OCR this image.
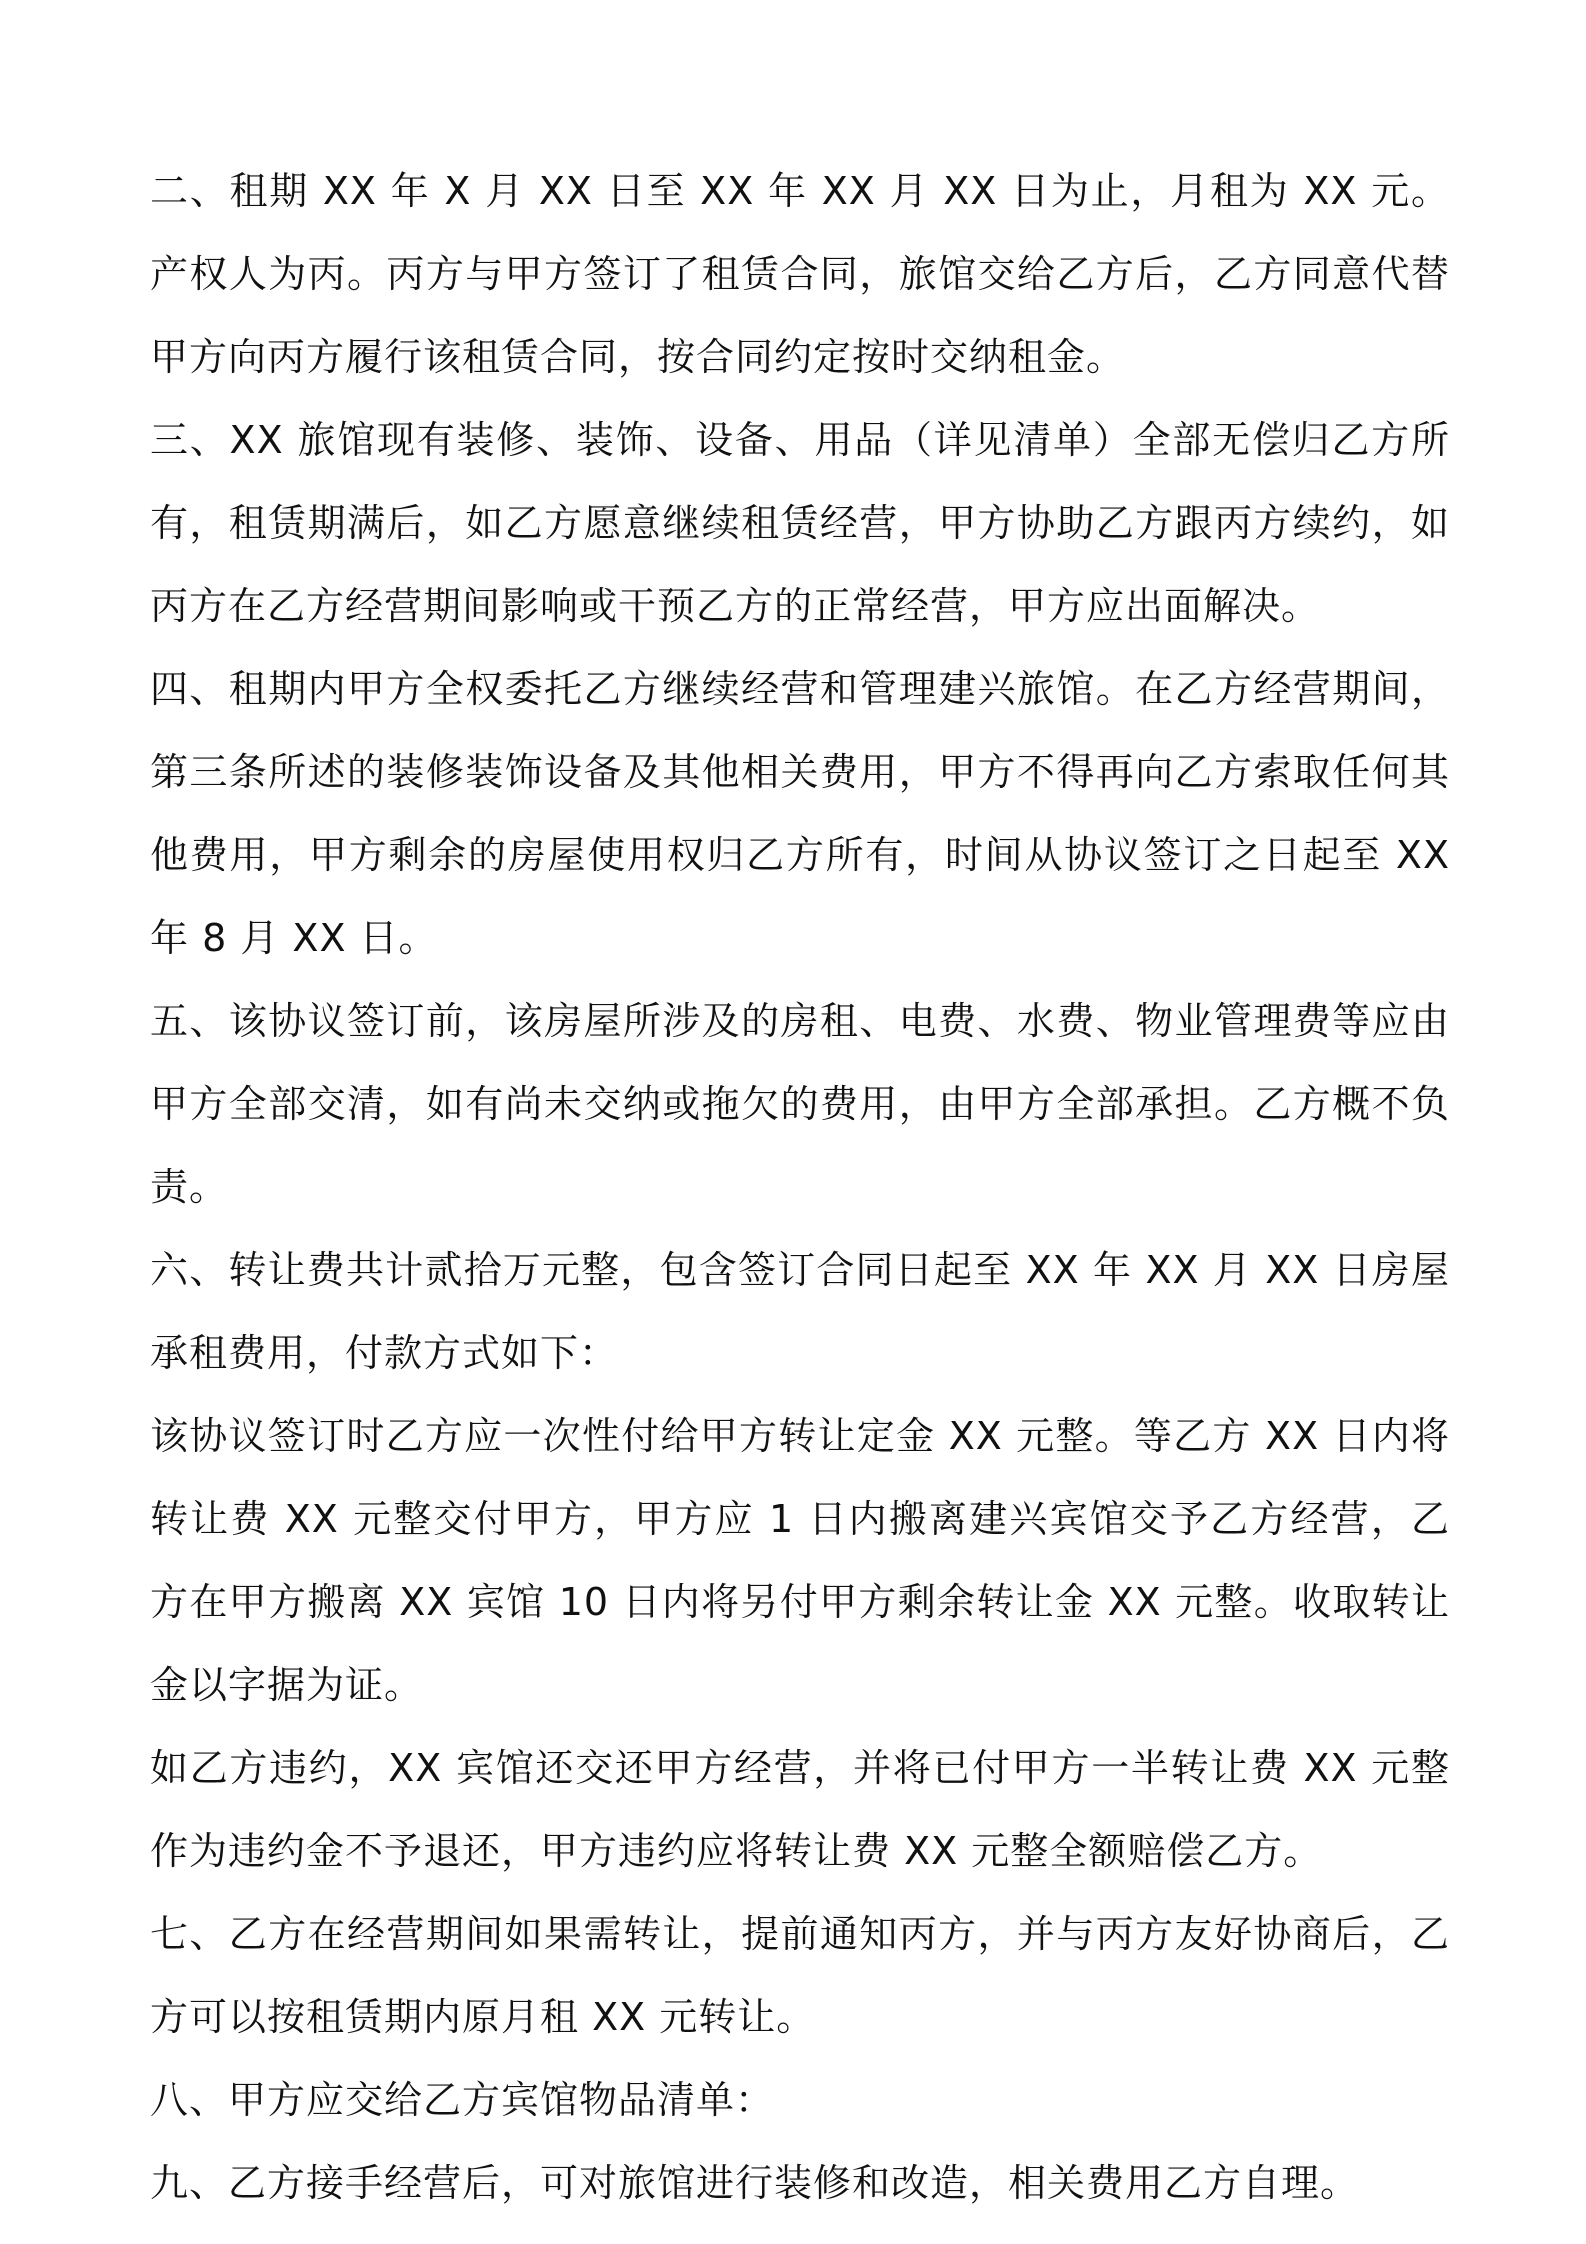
二、租期 XX 年 X 月 XX 日至 XX 年 XX 月 XX 日为止，月租为 XX 元。产权人为丙。丙方与甲方签订了租赁合同，旅馆交给乙方后，乙方同意代替甲方向丙方履行该租赁合同，按合同约定按时交纳租金。

三、XX 旅馆现有装修、装饰、设备、用品（详见清单）全部无偿归乙方所有，租赁期满后，如乙方愿意继续租赁经营，甲方协助乙方跟丙方续约，如丙方在乙方经营期间影响或干预乙方的正常经营，甲方应出面解决。

四、租期内甲方全权委托乙方继续经营和管理建兴旅馆。在乙方经营期间，第三条所述的装修装饰设备及其他相关费用，甲方不得再向乙方索取任何其他费用，甲方剩余的房屋使用权归乙方所有，时间从协议签订之日起至 XX 年 8 月 XX 日。

五、该协议签订前，该房屋所涉及的房租、电费、水费、物业管理费等应由甲方全部交清，如有尚未交纳或拖欠的费用，由甲方全部承担。乙方概不负责。

六、转让费共计贰拾万元整，包含签订合同日起至 XX 年 XX 月 XX 日房屋承租费用，付款方式如下：

该协议签订时乙方应一次性付给甲方转让定金 XX 元整。等乙方 XX 日内将转让费 XX 元整交付甲方，甲方应 1 日内搬离建兴宾馆交予乙方经营，乙方在甲方搬离 XX 宾馆 10 日内将另付甲方剩余转让金 XX 元整。收取转让金以字据为证。

如乙方违约，XX 宾馆还交还甲方经营，并将已付甲方一半转让费 XX 元整作为违约金不予退还，甲方违约应将转让费 XX 元整全额赔偿乙方。

七、乙方在经营期间如果需转让，提前通知丙方，并与丙方友好协商后，乙方可以按租赁期内原月租 XX 元转让。

八、甲方应交给乙方宾馆物品清单：

九、乙方接手经营后，可对旅馆进行装修和改造，相关费用乙方自理。
